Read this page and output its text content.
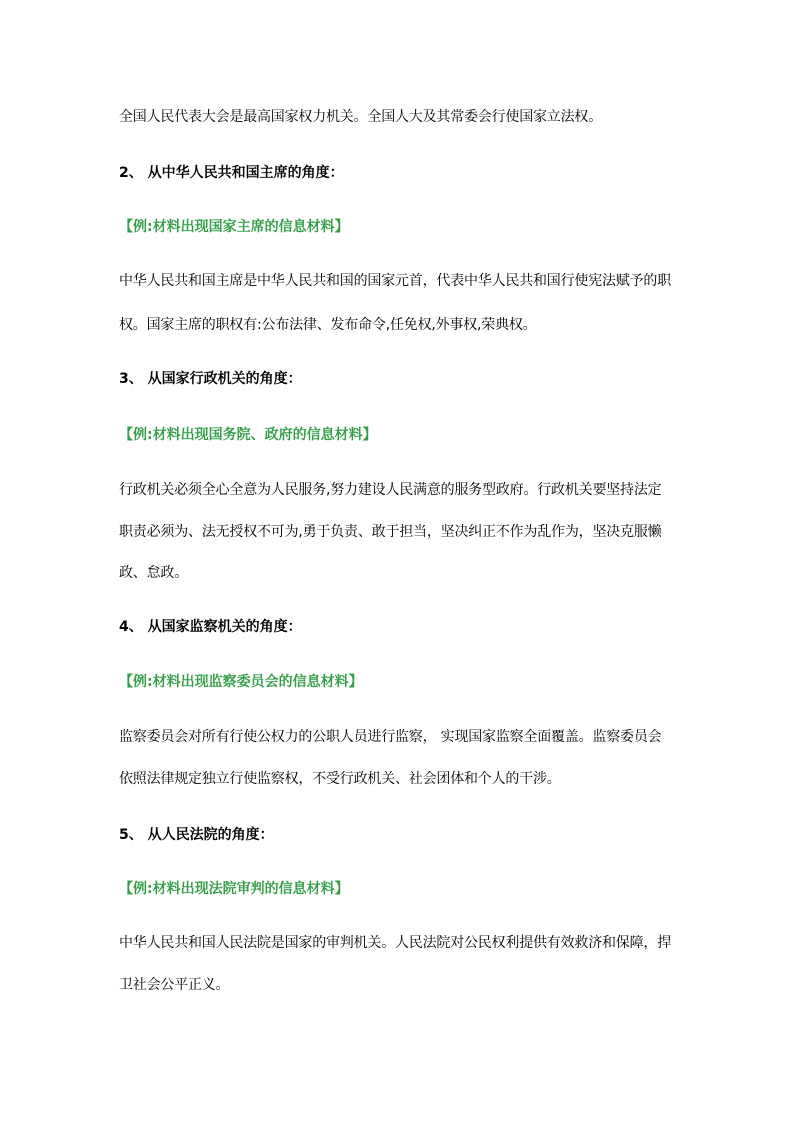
全国人民代表大会是最高国家权力机关。全国人大及其常委会行使国家立法权。
2、 从中华人民共和国主席的角度：
【例:材料出现国家主席的信息材料】
中华人民共和国主席是中华人民共和国的国家元首，代表中华人民共和国行使宪法赋予的职
权。国家主席的职权有:公布法律、发布命令,任免权,外事权,荣典权。
3、 从国家行政机关的角度：
【例:材料出现国务院、政府的信息材料】
行政机关必须全心全意为人民服务,努力建设人民满意的服务型政府。行政机关要坚持法定
职责必须为、法无授权不可为,勇于负责、敢于担当，坚决纠正不作为乱作为，坚决克服懒
政、怠政。
4、 从国家监察机关的角度：
【例:材料出现监察委员会的信息材料】
监察委员会对所有行使公权力的公职人员进行监察， 实现国家监察全面覆盖。监察委员会
依照法律规定独立行使监察权，不受行政机关、社会团体和个人的干涉。
5、 从人民法院的角度：
【例:材料出现法院审判的信息材料】
中华人民共和国人民法院是国家的审判机关。人民法院对公民权利提供有效救济和保障，捍
卫社会公平正义。
